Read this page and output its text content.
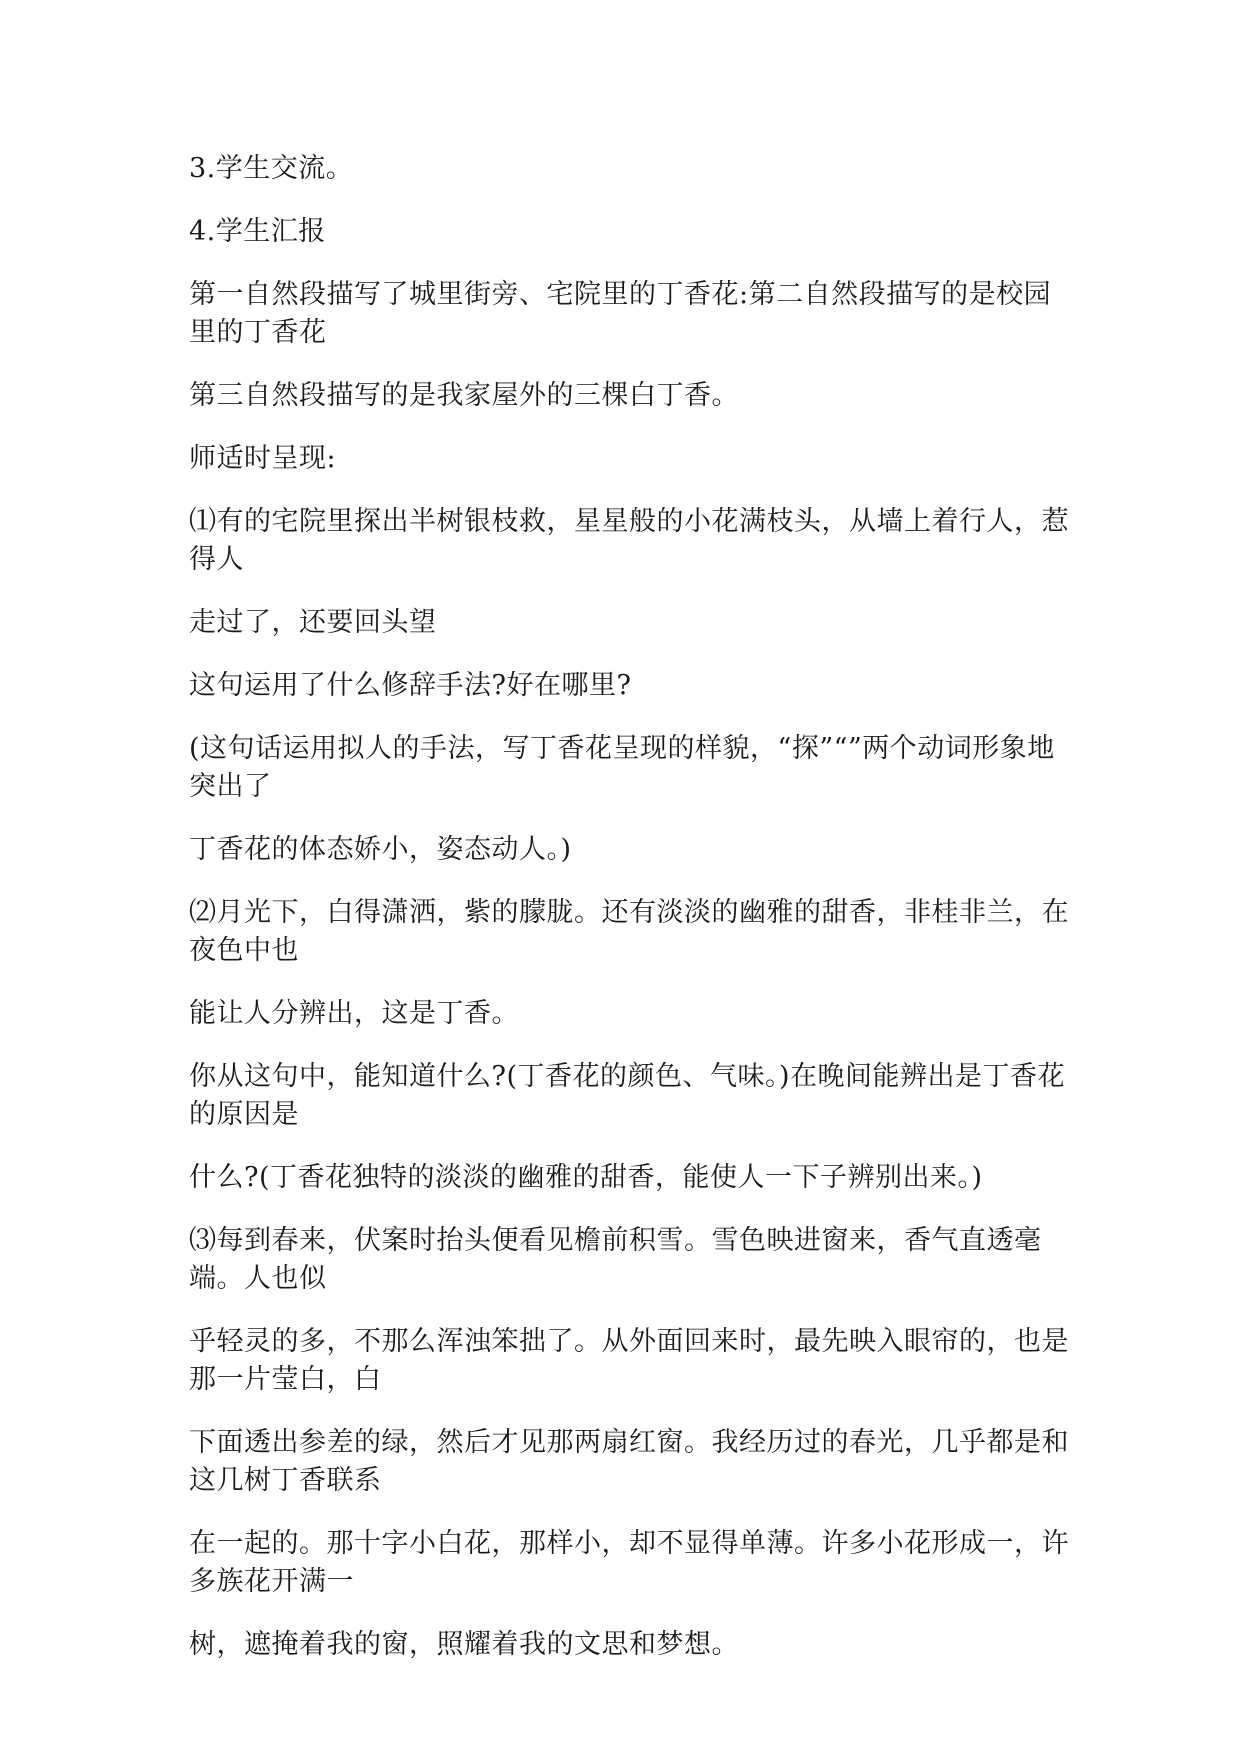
3.学生交流。

4.学生汇报

第一自然段描写了城里街旁、宅院里的丁香花:第二自然段描写的是校园里的丁香花

第三自然段描写的是我家屋外的三棵白丁香。

师适时呈现:

⑴有的宅院里探出半树银枝救，星星般的小花满枝头，从墙上着行人，惹得人

走过了，还要回头望

这句运用了什么修辞手法?好在哪里?

(这句话运用拟人的手法，写丁香花呈现的样貌，“探”“”两个动词形象地突出了

丁香花的体态娇小，姿态动人。)

⑵月光下，白得潇洒，紫的朦胧。还有淡淡的幽雅的甜香，非桂非兰，在夜色中也

能让人分辨出，这是丁香。

你从这句中，能知道什么?(丁香花的颜色、气味。)在晚间能辨出是丁香花的原因是

什么?(丁香花独特的淡淡的幽雅的甜香，能使人一下子辨别出来。)

⑶每到春来，伏案时抬头便看见檐前积雪。雪色映进窗来，香气直透毫端。人也似

乎轻灵的多，不那么浑浊笨拙了。从外面回来时，最先映入眼帘的，也是那一片莹白，白

下面透出参差的绿，然后才见那两扇红窗。我经历过的春光，几乎都是和这几树丁香联系

在一起的。那十字小白花，那样小，却不显得单薄。许多小花形成一，许多族花开满一

树，遮掩着我的窗，照耀着我的文思和梦想。
